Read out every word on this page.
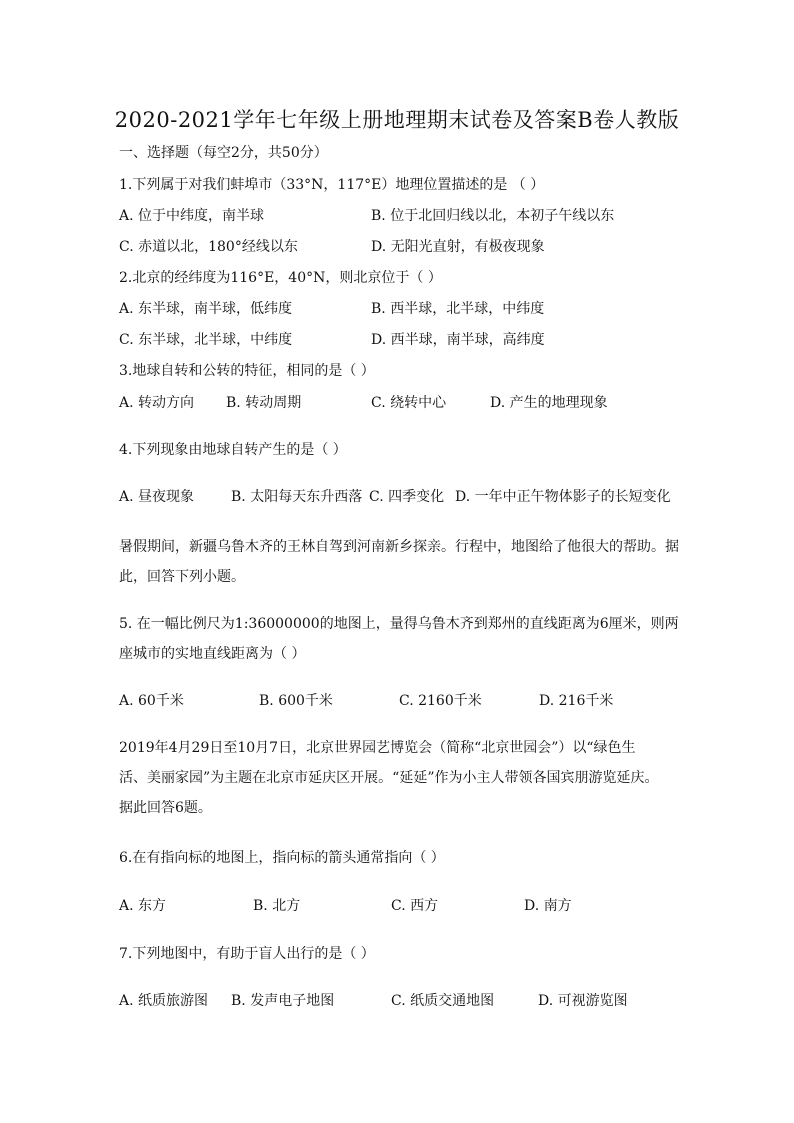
2020-2021学年七年级上册地理期末试卷及答案B卷人教版
一、选择题（每空2分，共50分）
1.下列属于对我们蚌埠市（33°N，117°E）地理位置描述的是 （ ）
A. 位于中纬度，南半球	B. 位于北回归线以北，本初子午线以东
C. 赤道以北，180°经线以东	D. 无阳光直射，有极夜现象
2.北京的经纬度为116°E，40°N，则北京位于（ ）
A. 东半球，南半球，低纬度	B. 西半球，北半球，中纬度
C. 东半球，北半球，中纬度	D. 西半球，南半球，高纬度
3.地球自转和公转的特征，相同的是（ ）
A. 转动方向 B. 转动周期	C. 绕转中心	D. 产生的地理现象
4.下列现象由地球自转产生的是（ ）
A. 昼夜现象	B. 太阳每天东升西落 C. 四季变化 D. 一年中正午物体影子的长短变化
暑假期间，新疆乌鲁木齐的王林自驾到河南新乡探亲。行程中，地图给了他很大的帮助。据
此，回答下列小题。
5. 在一幅比例尺为1:36000000的地图上，量得乌鲁木齐到郑州的直线距离为6厘米，则两
座城市的实地直线距离为（ ）
A. 60千米	B. 600千米	C. 2160千米	D. 216千米
2019年4月29日至10月7日，北京世界园艺博览会（简称“北京世园会”）以“绿色生
活、美丽家园”为主题在北京市延庆区开展。“延延”作为小主人带领各国宾朋游览延庆。
据此回答6题。
6.在有指向标的地图上，指向标的箭头通常指向（ ）
A. 东方	B. 北方	C. 西方	D. 南方
7.下列地图中，有助于盲人出行的是（ ）
A. 纸质旅游图 B. 发声电子地图	C. 纸质交通地图	D. 可视游览图
